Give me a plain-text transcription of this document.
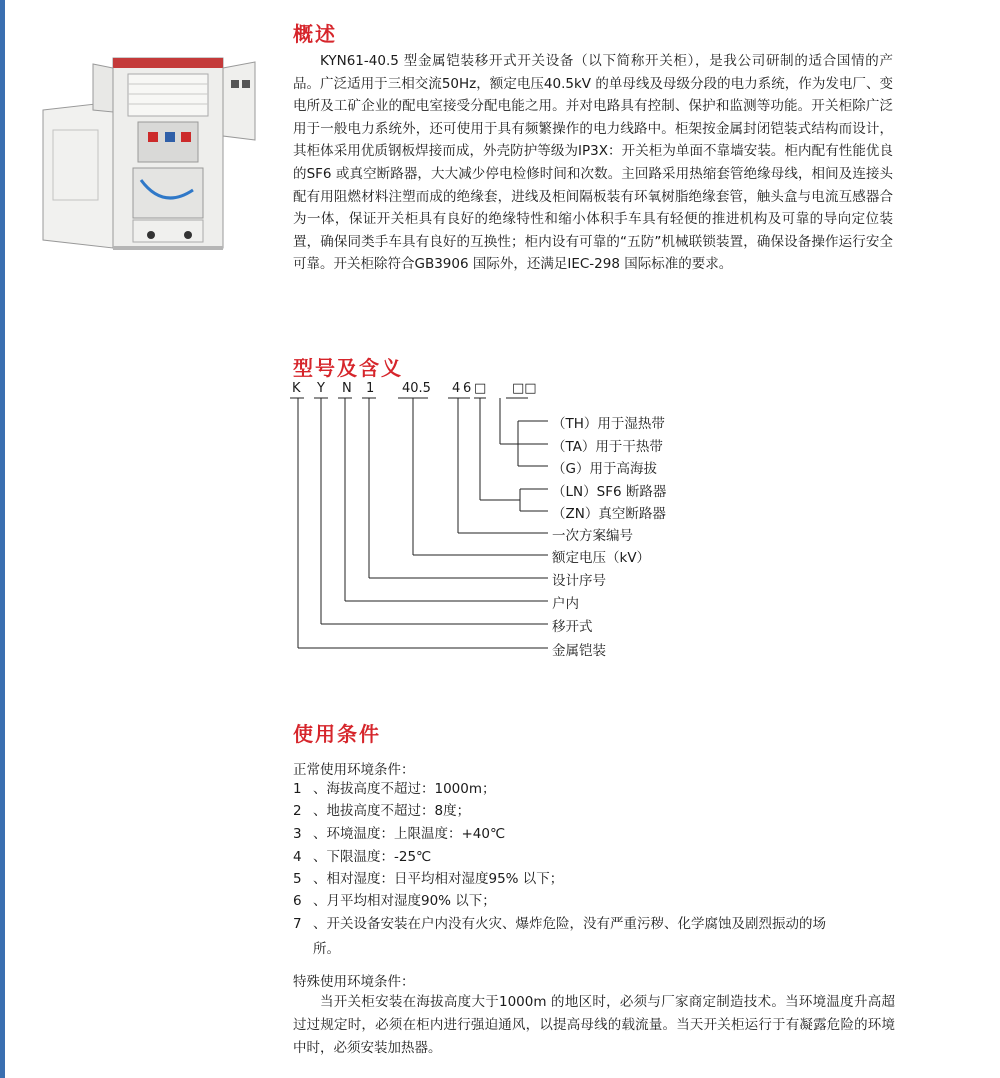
概述

KYN61-40.5 型金属铠装移开式开关设备（以下简称开关柜），是我公司研制的适合国情的产品。广泛适用于三相交流50Hz，额定电压40.5kV 的单母线及母级分段的电力系统，作为发电厂、变电所及工矿企业的配电室接受分配电能之用。并对电路具有控制、保护和监测等功能。开关柜除广泛用于一般电力系统外，还可使用于具有频繁操作的电力线路中。柜架按金属封闭铠装式结构而设计，其柜体采用优质钢板焊接而成，外壳防护等级为IP3X：开关柜为单面不靠墙安装。柜内配有性能优良的SF6 或真空断路器，大大减少停电检修时间和次数。主回路采用热缩套管绝缘母线，相间及连接头配有用阻燃材料注塑而成的绝缘套，进线及柜间隔板装有环氧树脂绝缘套管，触头盒与电流互感器合为一体，保证开关柜具有良好的绝缘特性和缩小体积手车具有轻便的推进机构及可靠的导向定位装置，确保同类手车具有良好的互换性；柜内设有可靠的“五防”机械联锁装置，确保设备操作运行安全可靠。开关柜除符合GB3906 国际外，还满足IEC-298 国际标准的要求。

型号及含义
K Y N 1 40.5 4 6 □ □□
（TH）用于湿热带
（TA）用于干热带
（G）用于高海拔
（LN）SF6 断路器
（ZN）真空断路器
一次方案编号
额定电压（kV）
设计序号
户内
移开式
金属铠装
使用条件
正常使用环境条件：
1 、海拔高度不超过：1000m；
2 、地拔高度不超过：8度；
3 、环境温度：上限温度：+40℃
4 、下限温度：-25℃
5 、相对湿度：日平均相对湿度95% 以下；
6 、月平均相对湿度90% 以下；
7 、开关设备安装在户内没有火灾、爆炸危险，没有严重污秽、化学腐蚀及剧烈振动的场
所。
特殊使用环境条件：

当开关柜安装在海拔高度大于1000m 的地区时，必须与厂家商定制造技术。当环境温度升高超过过规定时，必须在柜内进行强迫通风，以提高母线的载流量。当天开关柜运行于有凝露危险的环境中时，必须安装加热器。
